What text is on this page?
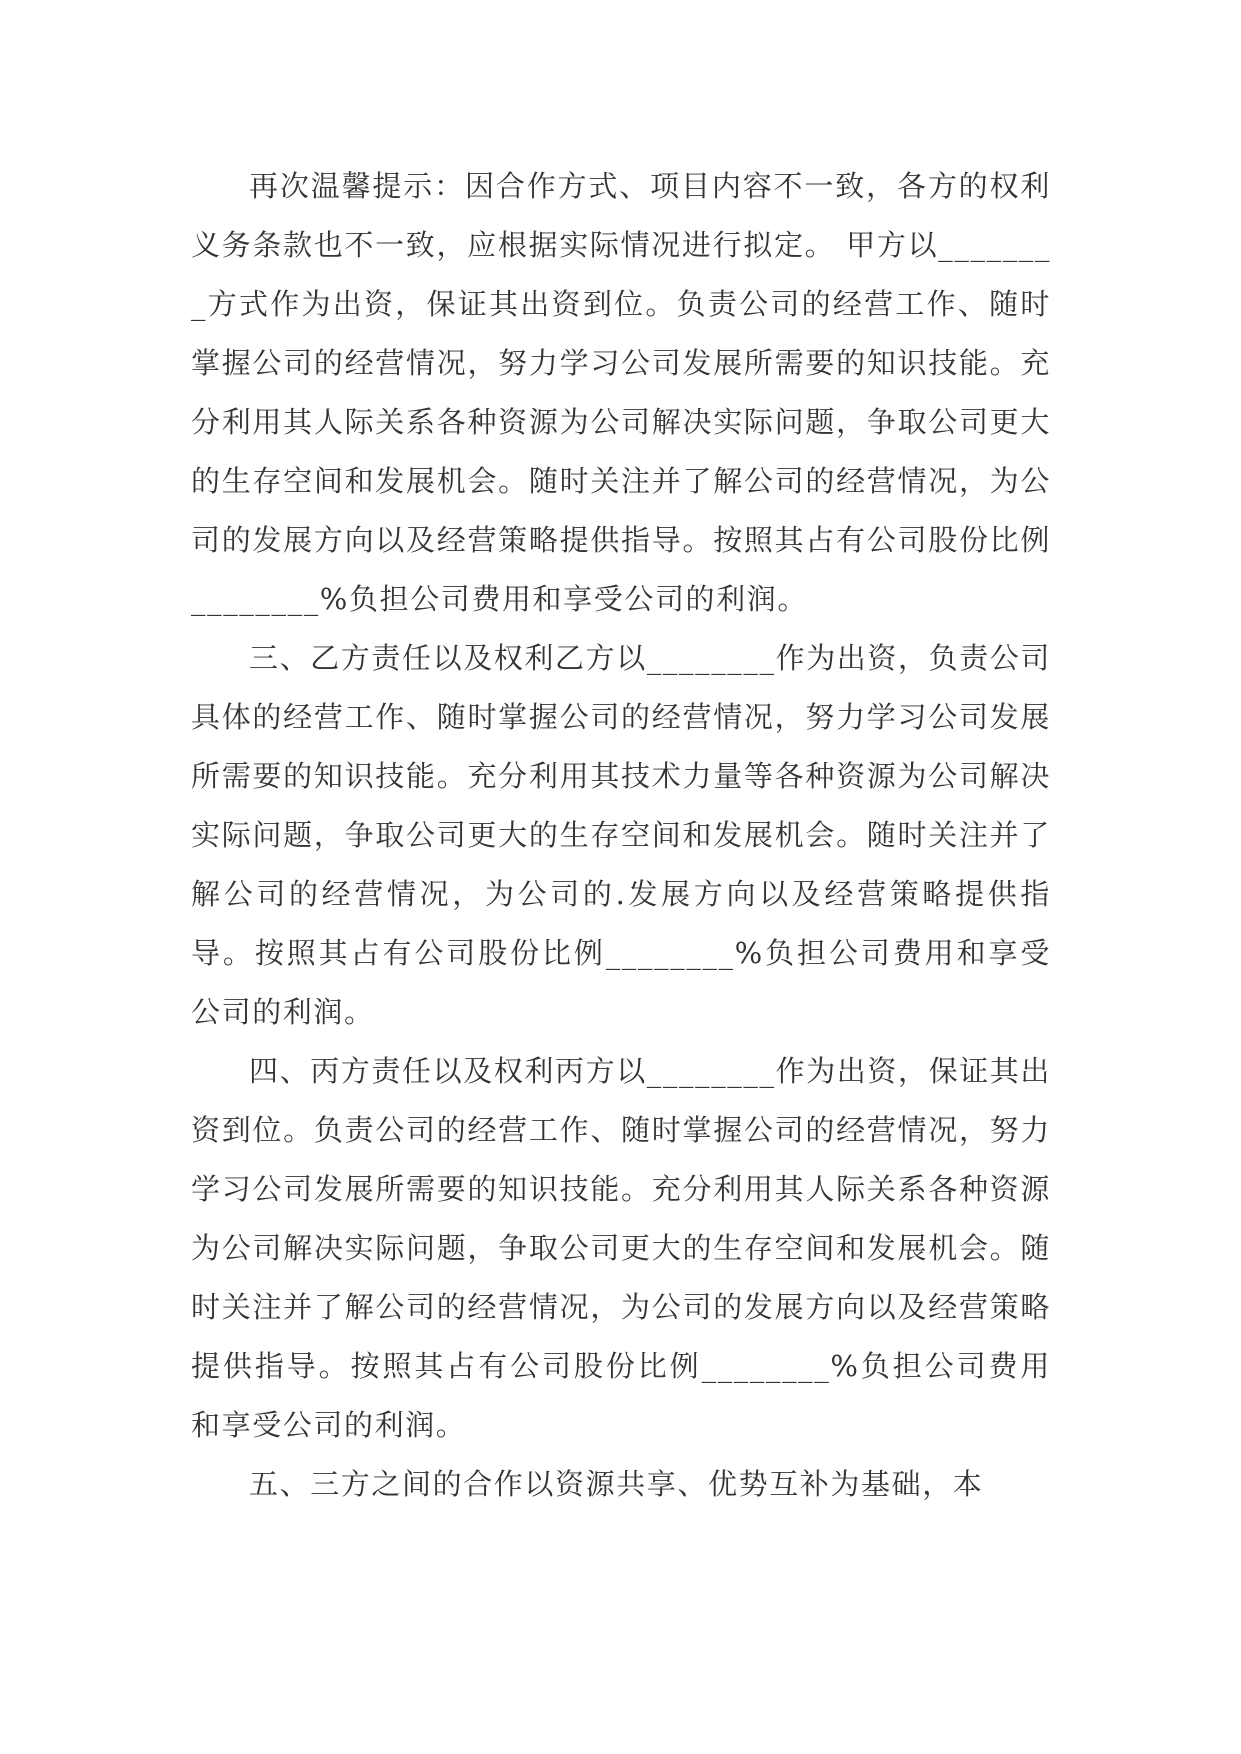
再次温馨提示：因合作方式、项目内容不一致，各方的权利义务条款也不一致，应根据实际情况进行拟定。 甲方以________方式作为出资，保证其出资到位。负责公司的经营工作、随时掌握公司的经营情况，努力学习公司发展所需要的知识技能。充分利用其人际关系各种资源为公司解决实际问题，争取公司更大的生存空间和发展机会。随时关注并了解公司的经营情况，为公司的发展方向以及经营策略提供指导。按照其占有公司股份比例________%负担公司费用和享受公司的利润。

三、乙方责任以及权利乙方以________作为出资，负责公司具体的经营工作、随时掌握公司的经营情况，努力学习公司发展所需要的知识技能。充分利用其技术力量等各种资源为公司解决实际问题，争取公司更大的生存空间和发展机会。随时关注并了解公司的经营情况，为公司的.发展方向以及经营策略提供指导。按照其占有公司股份比例________%负担公司费用和享受公司的利润。

四、丙方责任以及权利丙方以________作为出资，保证其出资到位。负责公司的经营工作、随时掌握公司的经营情况，努力学习公司发展所需要的知识技能。充分利用其人际关系各种资源为公司解决实际问题，争取公司更大的生存空间和发展机会。随时关注并了解公司的经营情况，为公司的发展方向以及经营策略提供指导。按照其占有公司股份比例________%负担公司费用和享受公司的利润。

五、三方之间的合作以资源共享、优势互补为基础，本
